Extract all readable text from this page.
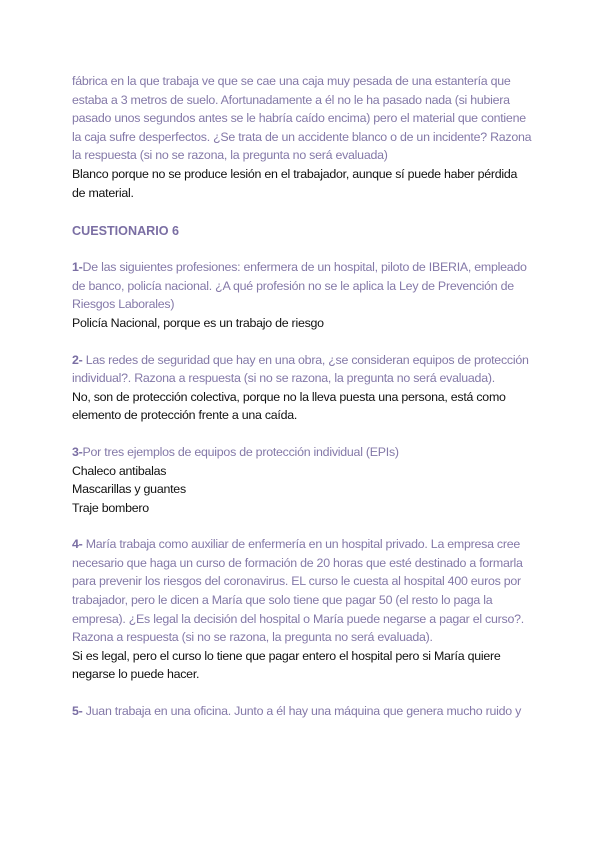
fábrica en la que trabaja ve que se cae una caja muy pesada de una estantería que estaba a 3 metros de suelo. Afortunadamente a él no le ha pasado nada (si hubiera pasado unos segundos antes se le habría caído encima) pero el material que contiene la caja sufre desperfectos. ¿Se trata de un accidente blanco o de un incidente? Razona la respuesta (si no se razona, la pregunta no será evaluada)

Blanco porque no se produce lesión en el trabajador, aunque sí puede haber pérdida de material.

CUESTIONARIO 6

1-De las siguientes profesiones: enfermera de un hospital, piloto de IBERIA, empleado de banco, policía nacional. ¿A qué profesión no se le aplica la Ley de Prevención de Riesgos Laborales)

Policía Nacional, porque es un trabajo de riesgo

2- Las redes de seguridad que hay en una obra, ¿se consideran equipos de protección individual?. Razona a respuesta (si no se razona, la pregunta no será evaluada).

No, son de protección colectiva, porque no la lleva puesta una persona, está como elemento de protección frente a una caída.

3-Por tres ejemplos de equipos de protección individual (EPIs)

Chaleco antibalas

Mascarillas y guantes

Traje bombero

4- María trabaja como auxiliar de enfermería en un hospital privado. La empresa cree necesario que haga un curso de formación de 20 horas que esté destinado a formarla para prevenir los riesgos del coronavirus. EL curso le cuesta al hospital 400 euros por trabajador, pero le dicen a María que solo tiene que pagar 50 (el resto lo paga la empresa). ¿Es legal la decisión del hospital o María puede negarse a pagar el curso?. Razona a respuesta (si no se razona, la pregunta no será evaluada).

Si es legal, pero el curso lo tiene que pagar entero el hospital pero si María quiere negarse lo puede hacer.

5- Juan trabaja en una oficina. Junto a él hay una máquina que genera mucho ruido y
